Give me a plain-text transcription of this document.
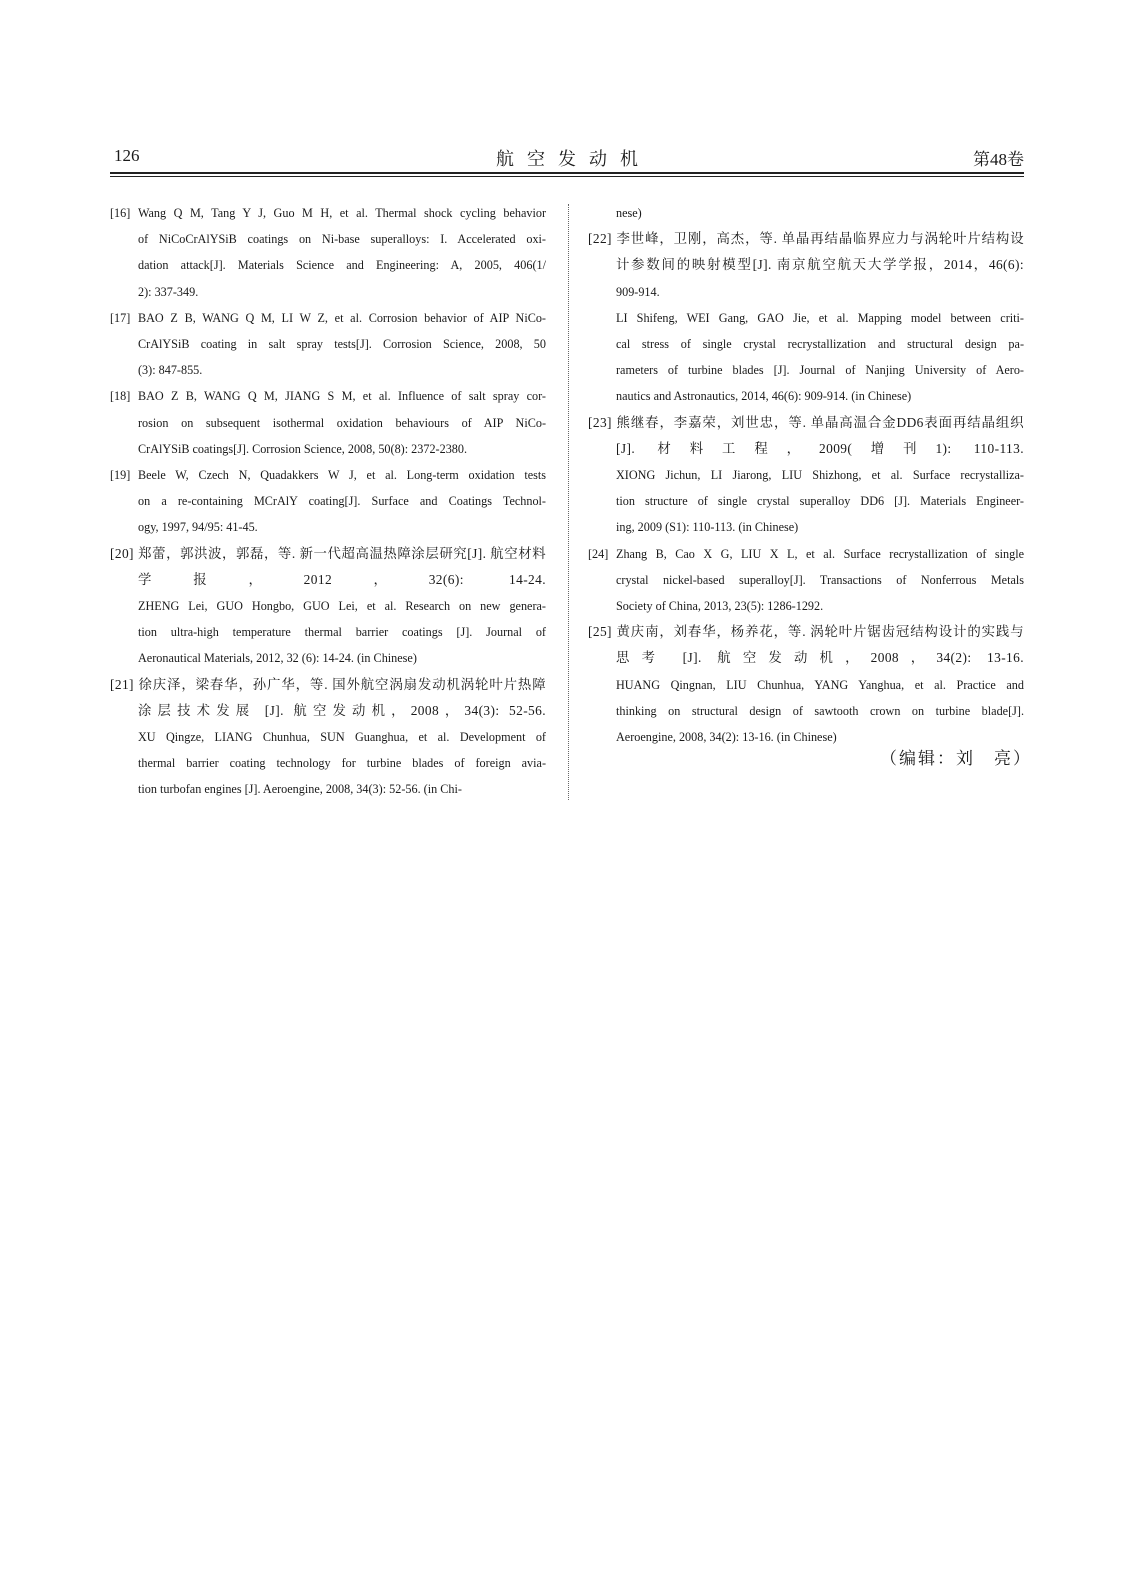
126	航空发动机	第48卷
[16] Wang Q M, Tang Y J, Guo M H, et al. Thermal shock cycling behavior
of NiCoCrAlYSiB coatings on Ni-base superalloys: I. Accelerated oxi-
dation attack[J]. Materials Science and Engineering: A, 2005, 406(1/
2): 337-349.
[17] BAO Z B, WANG Q M, LI W Z, et al. Corrosion behavior of AIP NiCo-
CrAlYSiB coating in salt spray tests[J]. Corrosion Science, 2008, 50
(3): 847-855.
[18] BAO Z B, WANG Q M, JIANG S M, et al. Influence of salt spray cor-
rosion on subsequent isothermal oxidation behaviours of AIP NiCo-
CrAlYSiB coatings[J]. Corrosion Science, 2008, 50(8): 2372-2380.
[19] Beele W, Czech N, Quadakkers W J, et al. Long-term oxidation tests
on a re-containing MCrAlY coating[J]. Surface and Coatings Technol-
ogy, 1997, 94/95: 41-45.
[20] 郑蕾，郭洪波，郭磊，等. 新一代超高温热障涂层研究[J]. 航空材料
学报，2012，32(6): 14-24.
ZHENG Lei, GUO Hongbo, GUO Lei, et al. Research on new genera-
tion ultra-high temperature thermal barrier coatings [J]. Journal of
Aeronautical Materials, 2012, 32 (6): 14-24. (in Chinese)
[21] 徐庆泽，梁春华，孙广华，等. 国外航空涡扇发动机涡轮叶片热障
涂层技术发展 [J]. 航空发动机，2008，34(3): 52-56.
XU Qingze, LIANG Chunhua, SUN Guanghua, et al. Development of
thermal barrier coating technology for turbine blades of foreign avia-
tion turbofan engines [J]. Aeroengine, 2008, 34(3): 52-56. (in Chi-
nese)
[22] 李世峰，卫刚，高杰，等. 单晶再结晶临界应力与涡轮叶片结构设
计参数间的映射模型[J]. 南京航空航天大学学报，2014，46(6):
909-914.
LI Shifeng, WEI Gang, GAO Jie, et al. Mapping model between criti-
cal stress of single crystal recrystallization and structural design pa-
rameters of turbine blades [J]. Journal of Nanjing University of Aero-
nautics and Astronautics, 2014, 46(6): 909-914. (in Chinese)
[23] 熊继春，李嘉荣，刘世忠，等. 单晶高温合金DD6表面再结晶组织
[J]. 材料工程，2009(增刊1): 110-113.
XIONG Jichun, LI Jiarong, LIU Shizhong, et al. Surface recrystalliza-
tion structure of single crystal superalloy DD6 [J]. Materials Engineer-
ing, 2009 (S1): 110-113. (in Chinese)
[24] Zhang B, Cao X G, LIU X L, et al. Surface recrystallization of single
crystal nickel-based superalloy[J]. Transactions of Nonferrous Metals
Society of China, 2013, 23(5): 1286-1292.
[25] 黄庆南，刘春华，杨养花，等. 涡轮叶片锯齿冠结构设计的实践与
思考 [J]. 航空发动机，2008，34(2): 13-16.
HUANG Qingnan, LIU Chunhua, YANG Yanghua, et al. Practice and
thinking on structural design of sawtooth crown on turbine blade[J].
Aeroengine, 2008, 34(2): 13-16. (in Chinese)
（编辑：刘　亮）
